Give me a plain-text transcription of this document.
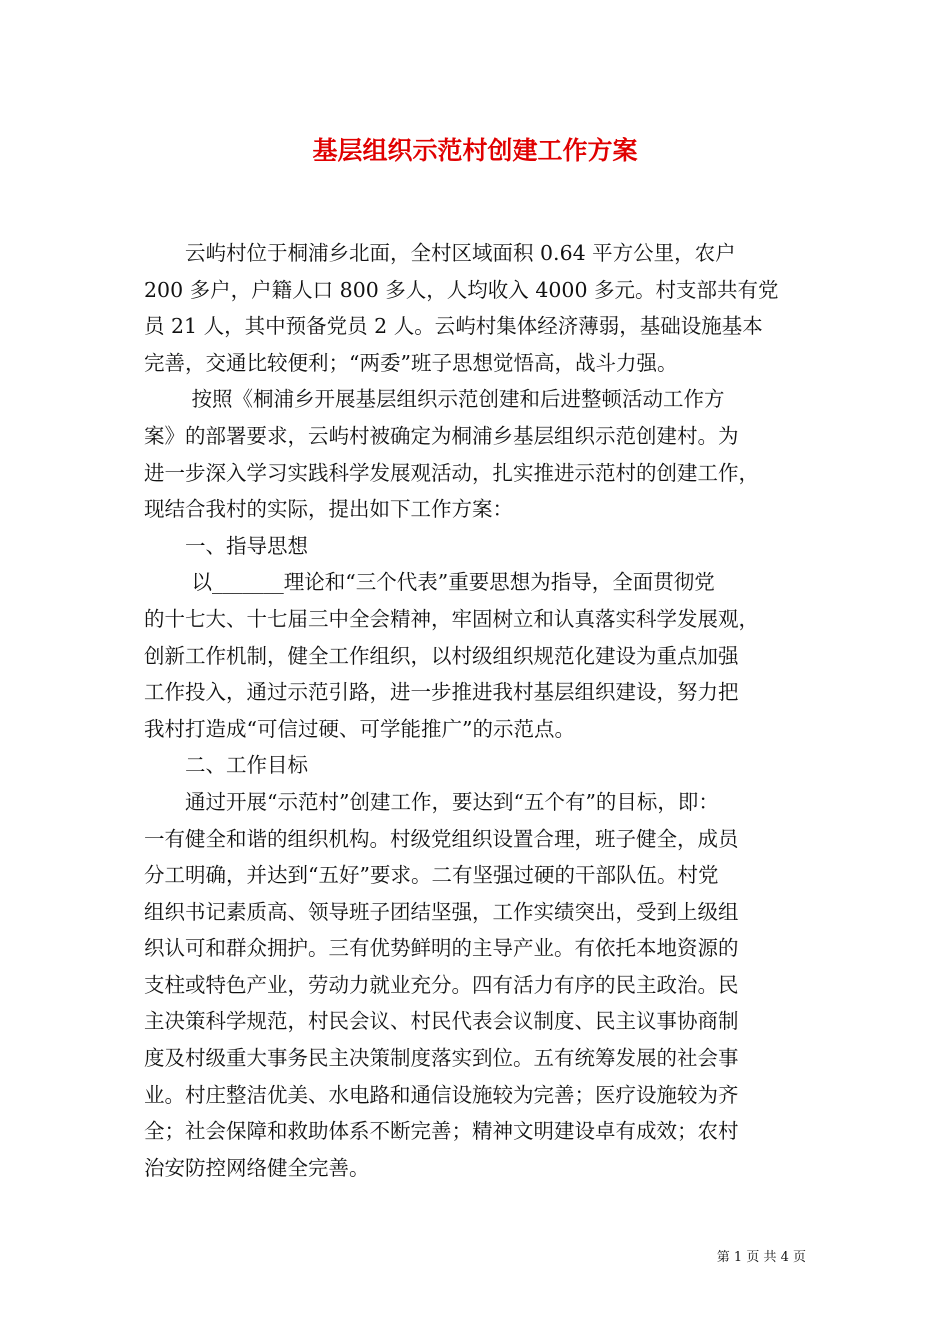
基层组织示范村创建工作方案
　　云屿村位于桐浦乡北面，全村区域面积 0.64 平方公里，农户
200 多户，户籍人口 800 多人，人均收入 4000 多元。村支部共有党
员 21 人，其中预备党员 2 人。云屿村集体经济薄弱，基础设施基本
完善，交通比较便利；“两委”班子思想觉悟高，战斗力强。
　　 按照《桐浦乡开展基层组织示范创建和后进整顿活动工作方
案》的部署要求，云屿村被确定为桐浦乡基层组织示范创建村。为
进一步深入学习实践科学发展观活动，扎实推进示范村的创建工作，
现结合我村的实际，提出如下工作方案：
　　一、指导思想
　　 以_______理论和“三个代表”重要思想为指导，全面贯彻党
的十七大、十七届三中全会精神，牢固树立和认真落实科学发展观，
创新工作机制，健全工作组织，以村级组织规范化建设为重点加强
工作投入，通过示范引路，进一步推进我村基层组织建设，努力把
我村打造成“可信过硬、可学能推广”的示范点。
　　二、工作目标
　　通过开展“示范村”创建工作，要达到“五个有”的目标，即：
一有健全和谐的组织机构。村级党组织设置合理，班子健全，成员
分工明确，并达到“五好”要求。二有坚强过硬的干部队伍。村党
组织书记素质高、领导班子团结坚强，工作实绩突出，受到上级组
织认可和群众拥护。三有优势鲜明的主导产业。有依托本地资源的
支柱或特色产业，劳动力就业充分。四有活力有序的民主政治。民
主决策科学规范，村民会议、村民代表会议制度、民主议事协商制
度及村级重大事务民主决策制度落实到位。五有统筹发展的社会事
业。村庄整洁优美、水电路和通信设施较为完善；医疗设施较为齐
全；社会保障和救助体系不断完善；精神文明建设卓有成效；农村
治安防控网络健全完善。
第 1 页 共 4 页
